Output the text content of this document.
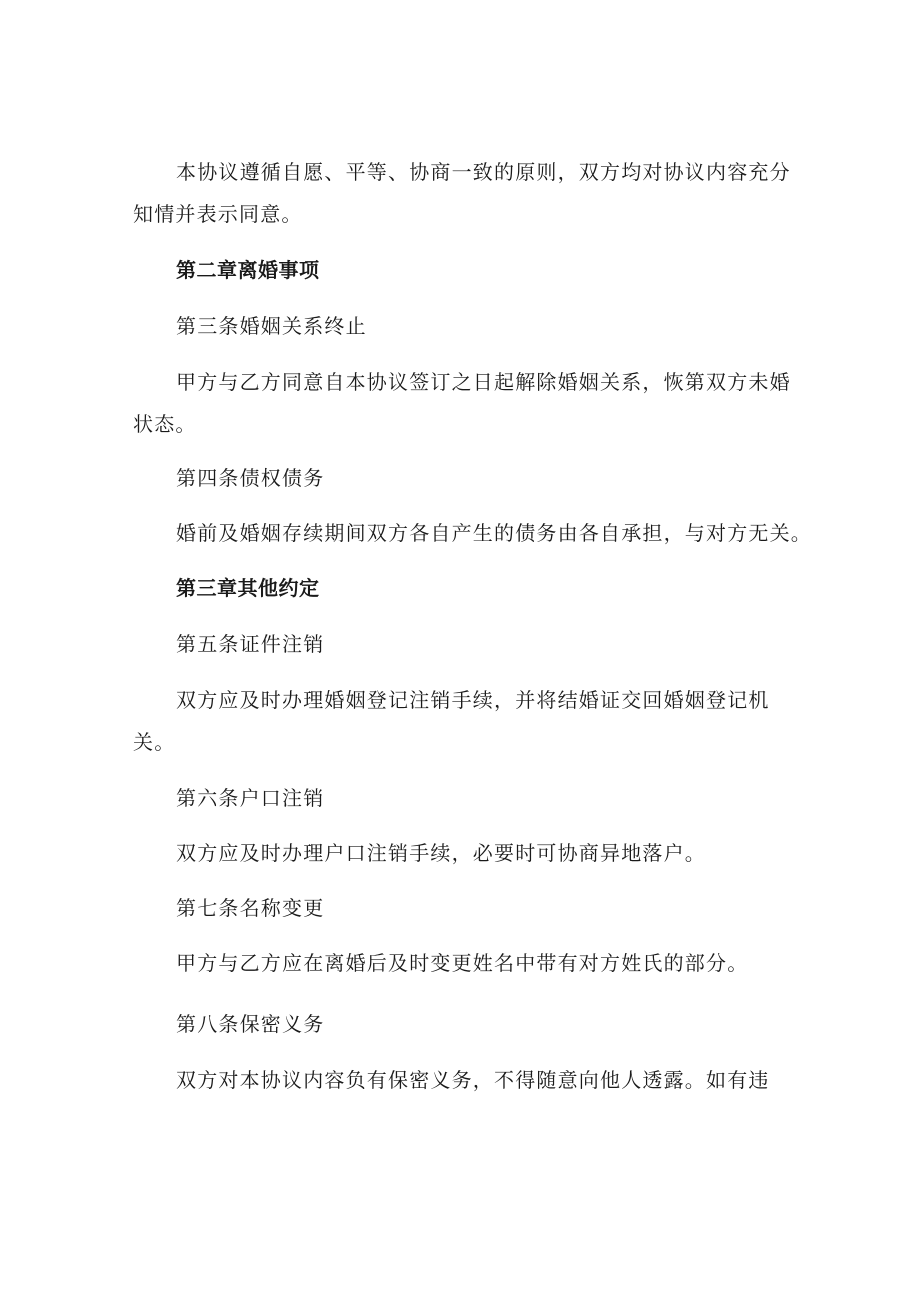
本协议遵循自愿、平等、协商一致的原则，双方均对协议内容充分
知情并表示同意。
第二章离婚事项
第三条婚姻关系终止
甲方与乙方同意自本协议签订之日起解除婚姻关系，恢第双方未婚
状态。
第四条债权债务
婚前及婚姻存续期间双方各自产生的债务由各自承担，与对方无关。
第三章其他约定
第五条证件注销
双方应及时办理婚姻登记注销手续，并将结婚证交回婚姻登记机
关。
第六条户口注销
双方应及时办理户口注销手续，必要时可协商异地落户。
第七条名称变更
甲方与乙方应在离婚后及时变更姓名中带有对方姓氏的部分。
第八条保密义务
双方对本协议内容负有保密义务，不得随意向他人透露。如有违
